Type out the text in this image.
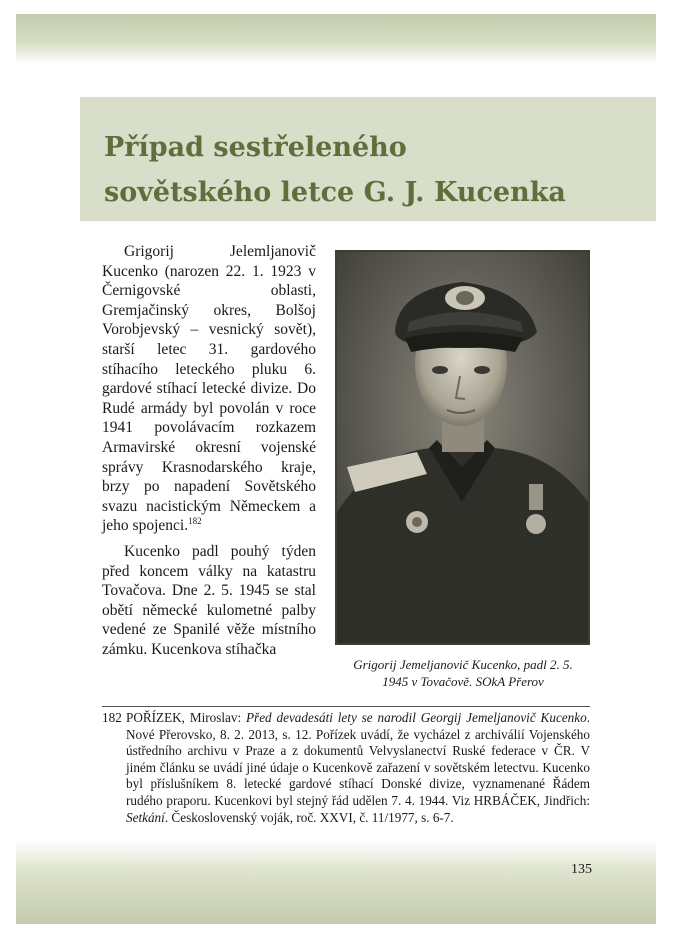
Případ sestřeleného
sovětského letce G. J. Kucenka

Grigorij Jelemljanovič Kucenko (narozen 22. 1. 1923 v Černigovské oblasti, Gremjačinský okres, Bolšoj Vorobjevský – vesnický sovět), starší letec 31. gardového stíhacího leteckého pluku 6. gardové stíhací letecké divize. Do Rudé armády byl povolán v roce 1941 povolávacím rozkazem Armavirské okresní vojenské správy Krasnodarského kraje, brzy po napadení Sovětského svazu nacistickým Německem a jeho spojenci.$^{182}$

Kucenko padl pouhý týden před koncem války na katastru Tovačova. Dne 2. 5. 1945 se stal obětí německé kulometné palby vedené ze Spanilé věže místního zámku. Kucenkova stíhačka

Grigorij Jemeljanovič Kucenko, padl 2. 5. 1945 v Tovačově. SOkA Přerov
182 POŘÍZEK, Miroslav: Před devadesáti lety se narodil Georgij Jemeljanovič Kucenko. Nové Přerovsko, 8. 2. 2013, s. 12. Pořízek uvádí, že vycházel z archiválií Vojenského ústředního archivu v Praze a z dokumentů Velvyslanectví Ruské federace v ČR. V jiném článku se uvádí jiné údaje o Kucenkově zařazení v sovětském letectvu. Kucenko byl příslušníkem 8. letecké gardové stíhací Donské divize, vyznamenané Řádem rudého praporu. Kucenkovi byl stejný řád udělen 7. 4. 1944. Viz HRBÁČEK, Jindřich: Setkání. Československý voják, roč. XXVI, č. 11/1977, s. 6-7.
135
